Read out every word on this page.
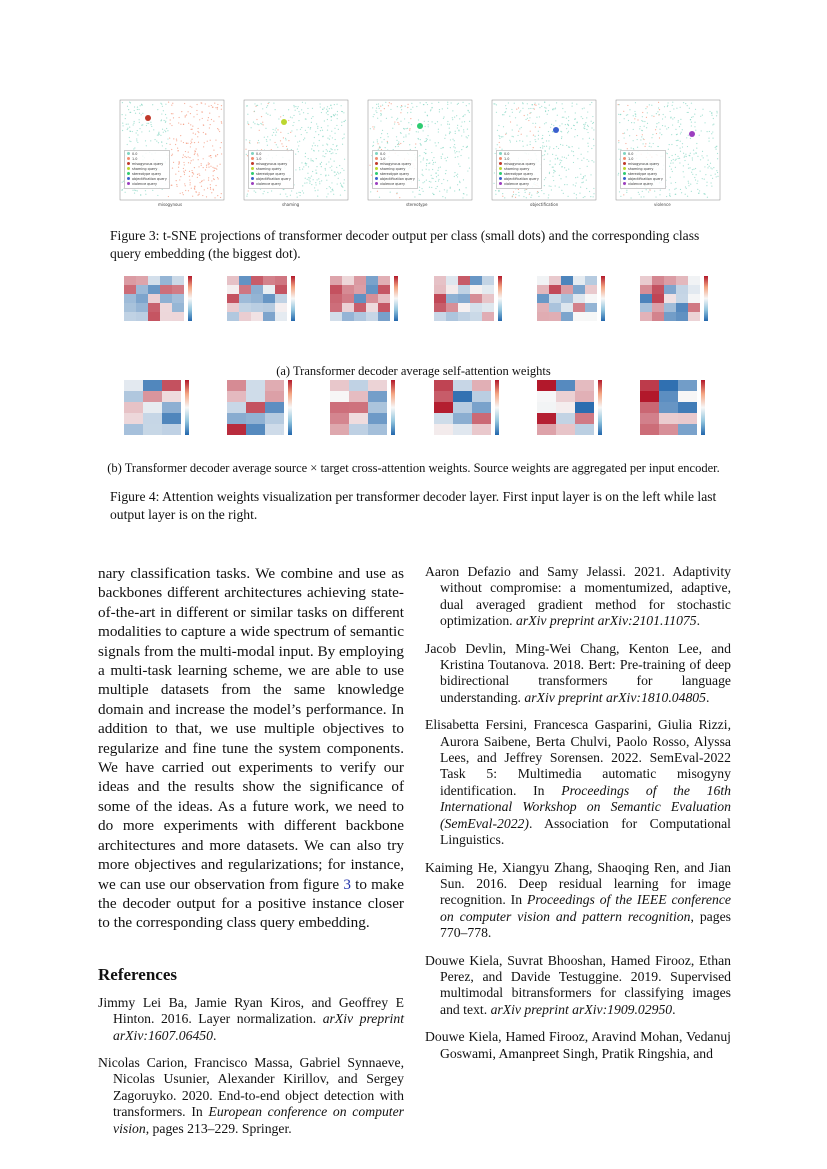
misogynous
0.0
1.0
misogynous query
shaming query
stereotype query
objectification query
violence query
shaming
0.0
1.0
misogynous query
shaming query
stereotype query
objectification query
violence query
stereotype
0.0
1.0
misogynous query
shaming query
stereotype query
objectification query
violence query
objectification
0.0
1.0
misogynous query
shaming query
stereotype query
objectification query
violence query
violence
0.0
1.0
misogynous query
shaming query
stereotype query
objectification query
violence query
Figure 3: t-SNE projections of transformer decoder output per class (small dots) and the corresponding class query embedding (the biggest dot).
(a) Transformer decoder average self-attention weights
(b) Transformer decoder average source × target cross-attention weights. Source weights are aggregated per input encoder.
Figure 4: Attention weights visualization per transformer decoder layer. First input layer is on the left while last output layer is on the right.

nary classification tasks. We combine and use as backbones different architectures achieving state-of-the-art in different or similar tasks on different modalities to capture a wide spectrum of semantic signals from the multi-modal input. By employing a multi-task learning scheme, we are able to use multiple datasets from the same knowledge domain and increase the model’s performance. In addition to that, we use multiple objectives to regularize and fine tune the system components. We have carried out experiments to verify our ideas and the results show the significance of some of the ideas. As a future work, we need to do more experiments with different backbone architectures and more datasets. We can also try more objectives and regularizations; for instance, we can use our observation from figure 3 to make the decoder output for a positive instance closer to the corresponding class query embedding.

References
Jimmy Lei Ba, Jamie Ryan Kiros, and Geoffrey E Hinton. 2016. Layer normalization. arXiv preprint arXiv:1607.06450.
Nicolas Carion, Francisco Massa, Gabriel Synnaeve, Nicolas Usunier, Alexander Kirillov, and Sergey Zagoruyko. 2020. End-to-end object detection with transformers. In European conference on computer vision, pages 213–229. Springer.
Aaron Defazio and Samy Jelassi. 2021. Adaptivity without compromise: a momentumized, adaptive, dual averaged gradient method for stochastic optimization. arXiv preprint arXiv:2101.11075.
Jacob Devlin, Ming-Wei Chang, Kenton Lee, and Kristina Toutanova. 2018. Bert: Pre-training of deep bidirectional transformers for language understanding. arXiv preprint arXiv:1810.04805.
Elisabetta Fersini, Francesca Gasparini, Giulia Rizzi, Aurora Saibene, Berta Chulvi, Paolo Rosso, Alyssa Lees, and Jeffrey Sorensen. 2022. SemEval-2022 Task 5: Multimedia automatic misogyny identification. In Proceedings of the 16th International Workshop on Semantic Evaluation (SemEval-2022). Association for Computational Linguistics.
Kaiming He, Xiangyu Zhang, Shaoqing Ren, and Jian Sun. 2016. Deep residual learning for image recognition. In Proceedings of the IEEE conference on computer vision and pattern recognition, pages 770–778.
Douwe Kiela, Suvrat Bhooshan, Hamed Firooz, Ethan Perez, and Davide Testuggine. 2019. Supervised multimodal bitransformers for classifying images and text. arXiv preprint arXiv:1909.02950.
Douwe Kiela, Hamed Firooz, Aravind Mohan, Vedanuj Goswami, Amanpreet Singh, Pratik Ringshia, and
